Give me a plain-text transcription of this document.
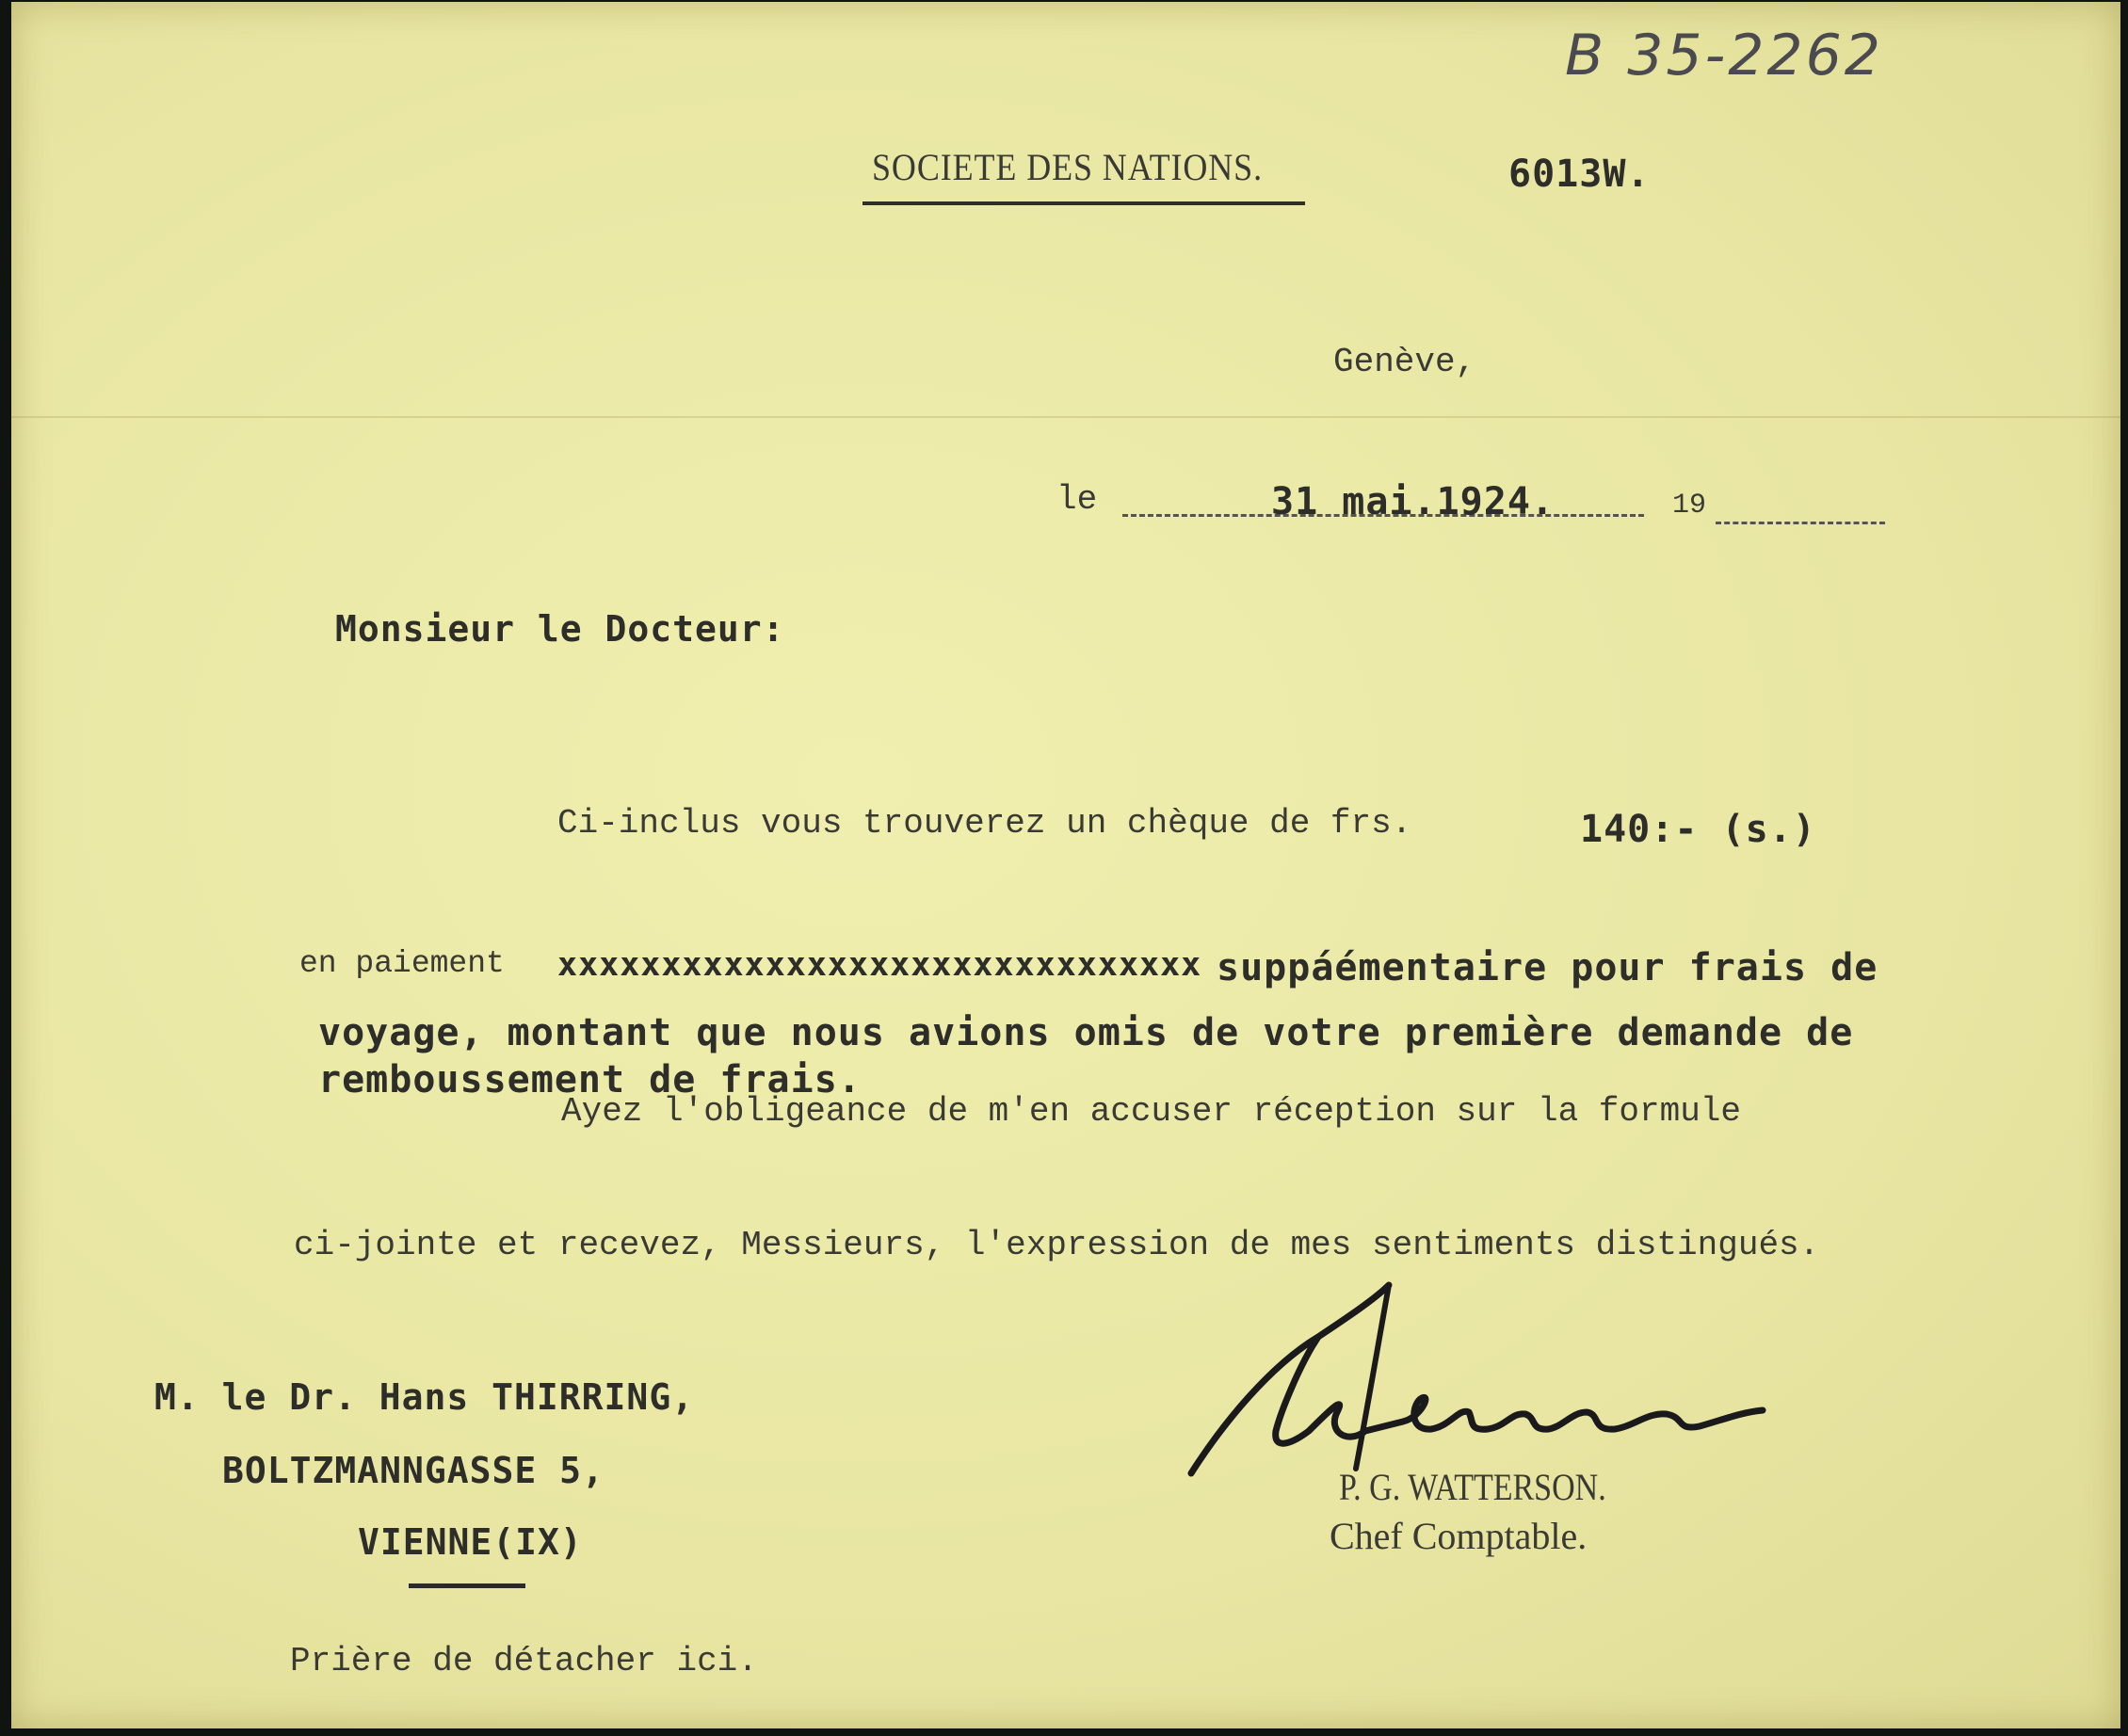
B 35-2262
SOCIETE DES NATIONS.	6013W.
Genève,
le	31 mai.1924.	19
Monsieur le Docteur:
Ci-inclus vous trouverez un chèque de frs.	140:- (s.)
en paiement xxxxxxxxxxxxxxxxxxxxxxxxxxxxxxx suppáémentaire pour frais de
voyage, montant que nous avions omis de votre première demande de
remboussement de frais.
Ayez l'obligeance de m'en accuser réception sur la formule
ci-jointe et recevez, Messieurs, l'expression de mes sentiments distingués.
M. le Dr. Hans THIRRING,
BOLTZMANNGASSE 5,
VIENNE(IX)
Prière de détacher ici.
P. G. WATTERSON.
Chef Comptable.
